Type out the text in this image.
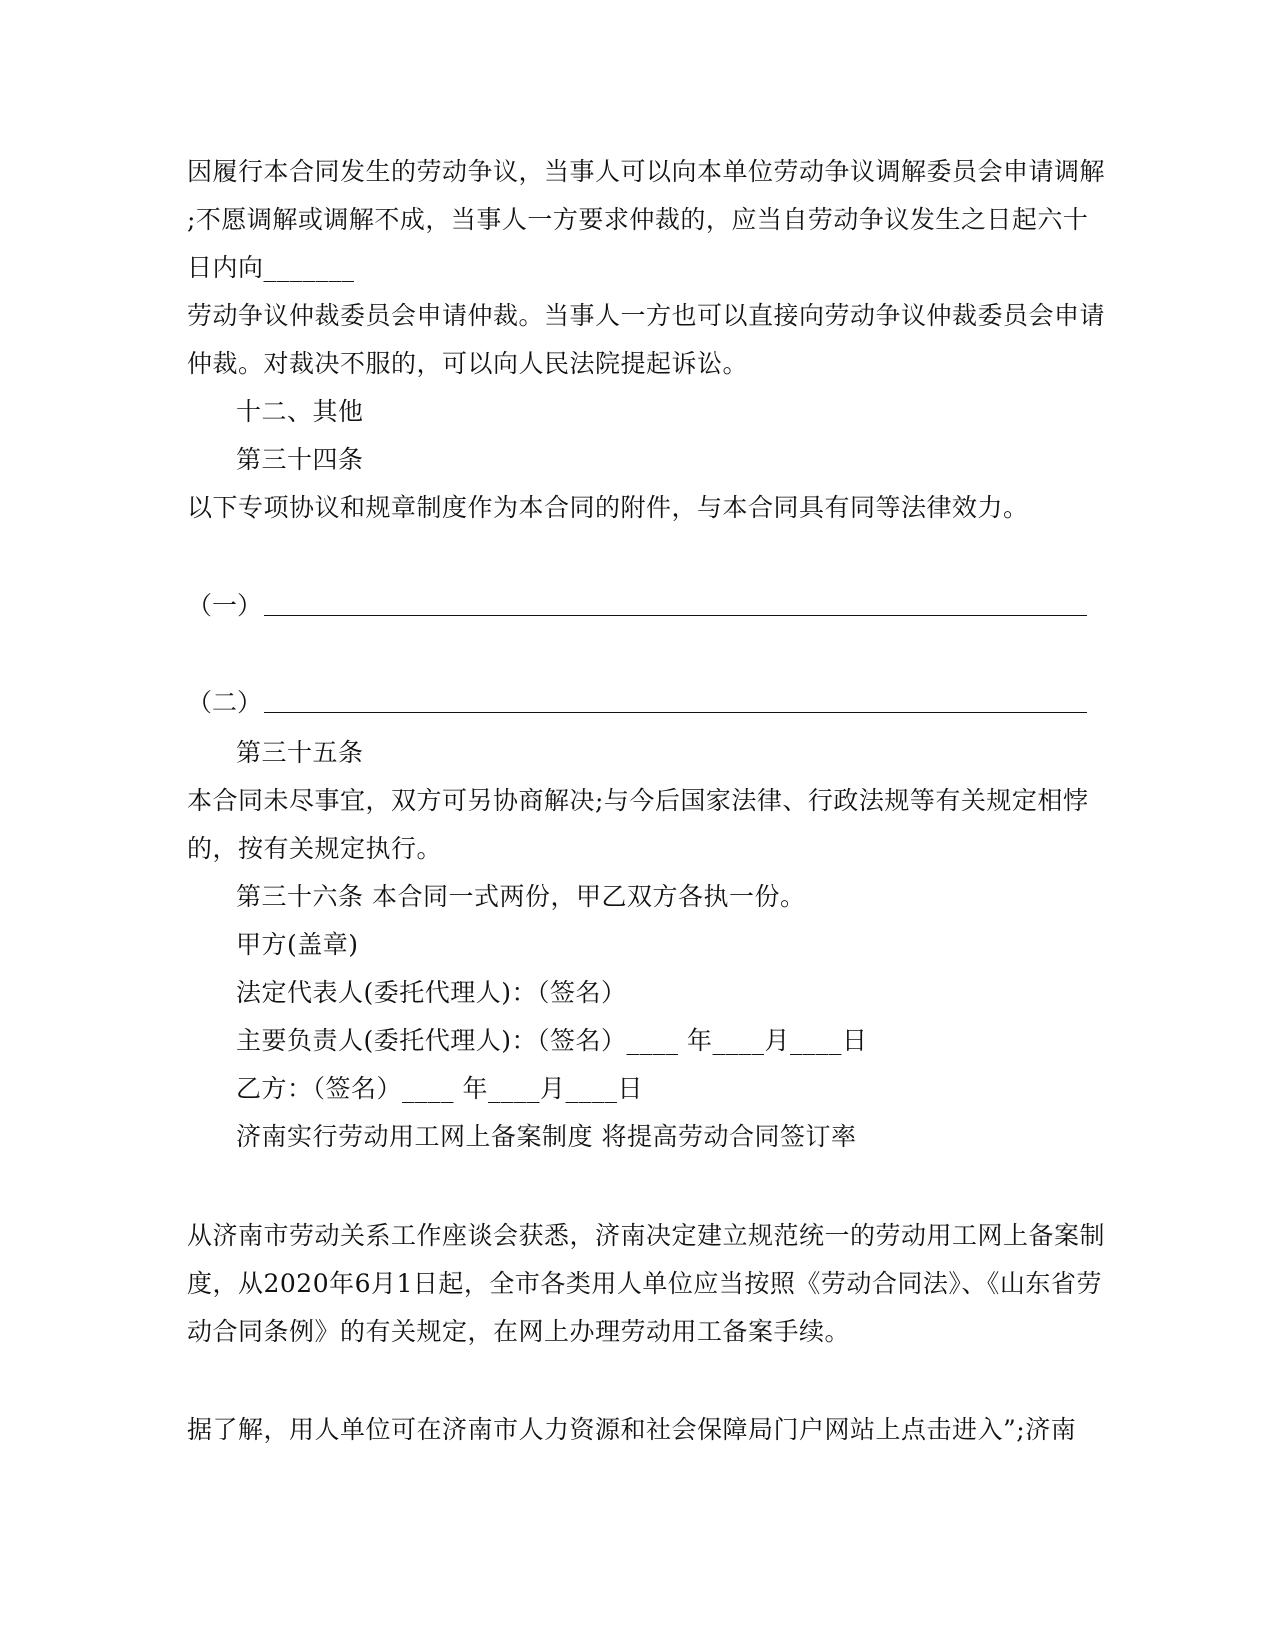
因履行本合同发生的劳动争议，当事人可以向本单位劳动争议调解委员会申请调解
;不愿调解或调解不成，当事人一方要求仲裁的，应当自劳动争议发生之日起六十
日内向_______
劳动争议仲裁委员会申请仲裁。当事人一方也可以直接向劳动争议仲裁委员会申请
仲裁。对裁决不服的，可以向人民法院提起诉讼。
十二、其他
第三十四条
以下专项协议和规章制度作为本合同的附件，与本合同具有同等法律效力。
（一）
（二）
第三十五条
本合同未尽事宜，双方可另协商解决;与今后国家法律、行政法规等有关规定相悖
的，按有关规定执行。
第三十六条 本合同一式两份，甲乙双方各执一份。
甲方(盖章)
法定代表人(委托代理人)：（签名）
主要负责人(委托代理人)：（签名）____ 年____月____日
乙方：（签名）____ 年____月____日
济南实行劳动用工网上备案制度 将提高劳动合同签订率
从济南市劳动关系工作座谈会获悉，济南决定建立规范统一的劳动用工网上备案制
度，从2020年6月1日起，全市各类用人单位应当按照《劳动合同法》、《山东省劳
动合同条例》的有关规定，在网上办理劳动用工备案手续。
据了解，用人单位可在济南市人力资源和社会保障局门户网站上点击进入”;济南
